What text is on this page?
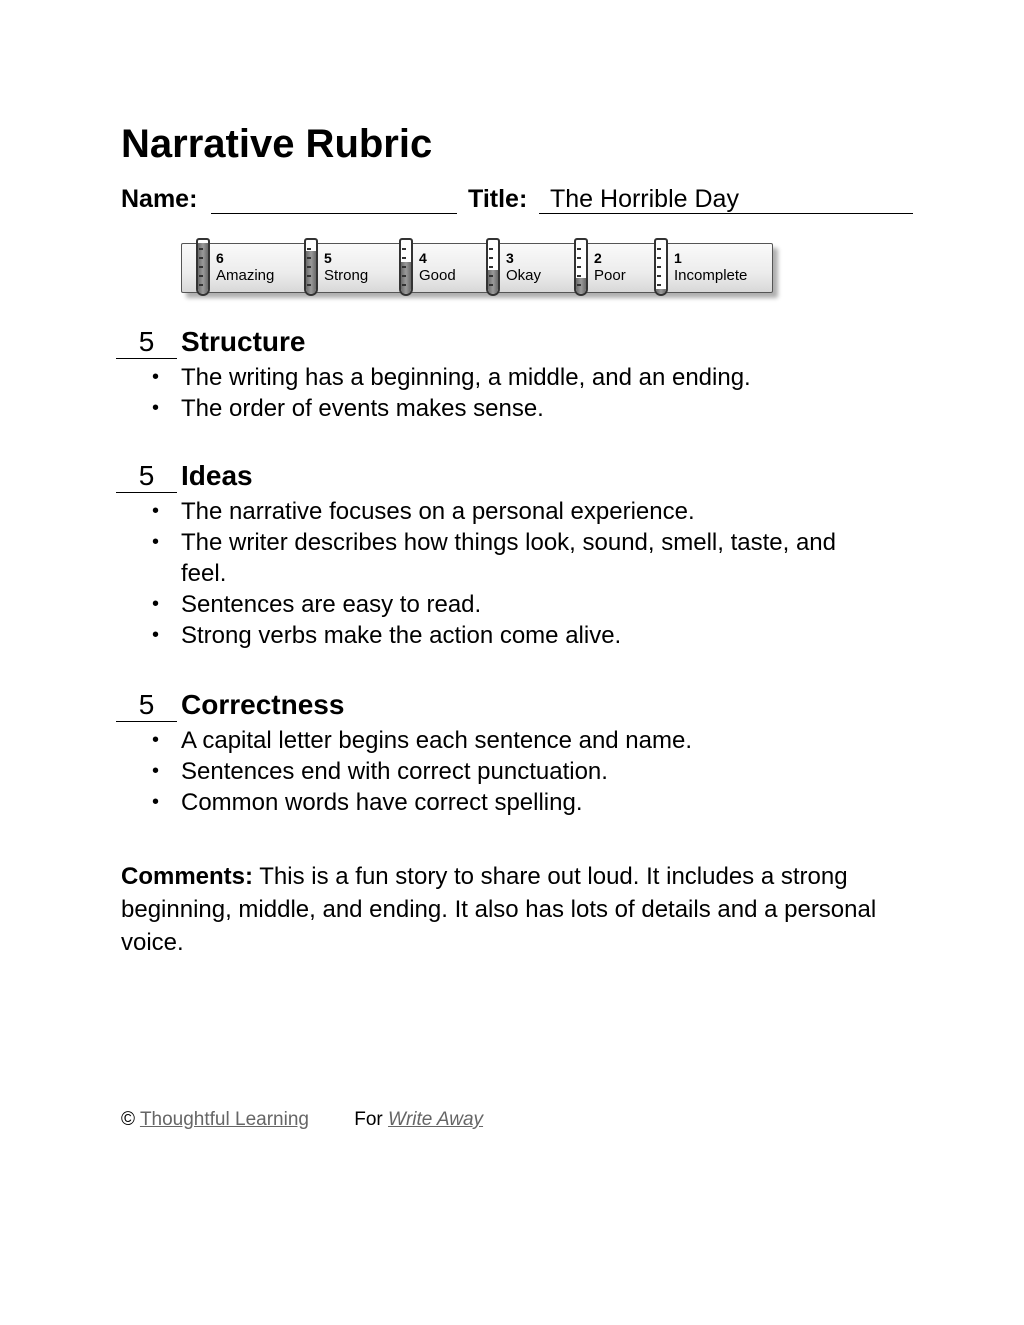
Narrative Rubric
Name:	Title: The Horrible Day
6
Amazing
5
Strong
4
Good
3
Okay
2
Poor
1
Incomplete
5 Structure
• The writing has a beginning, a middle, and an ending.
• The order of events makes sense.
5 Ideas
• The narrative focuses on a personal experience.
• The writer describes how things look, sound, smell, taste, and feel.
• Sentences are easy to read.
• Strong verbs make the action come alive.
5 Correctness
• A capital letter begins each sentence and name.
• Sentences end with correct punctuation.
• Common words have correct spelling.

Comments: This is a fun story to share out loud. It includes a strong beginning, middle, and ending. It also has lots of details and a personal voice.

© Thoughtful Learning For Write Away
